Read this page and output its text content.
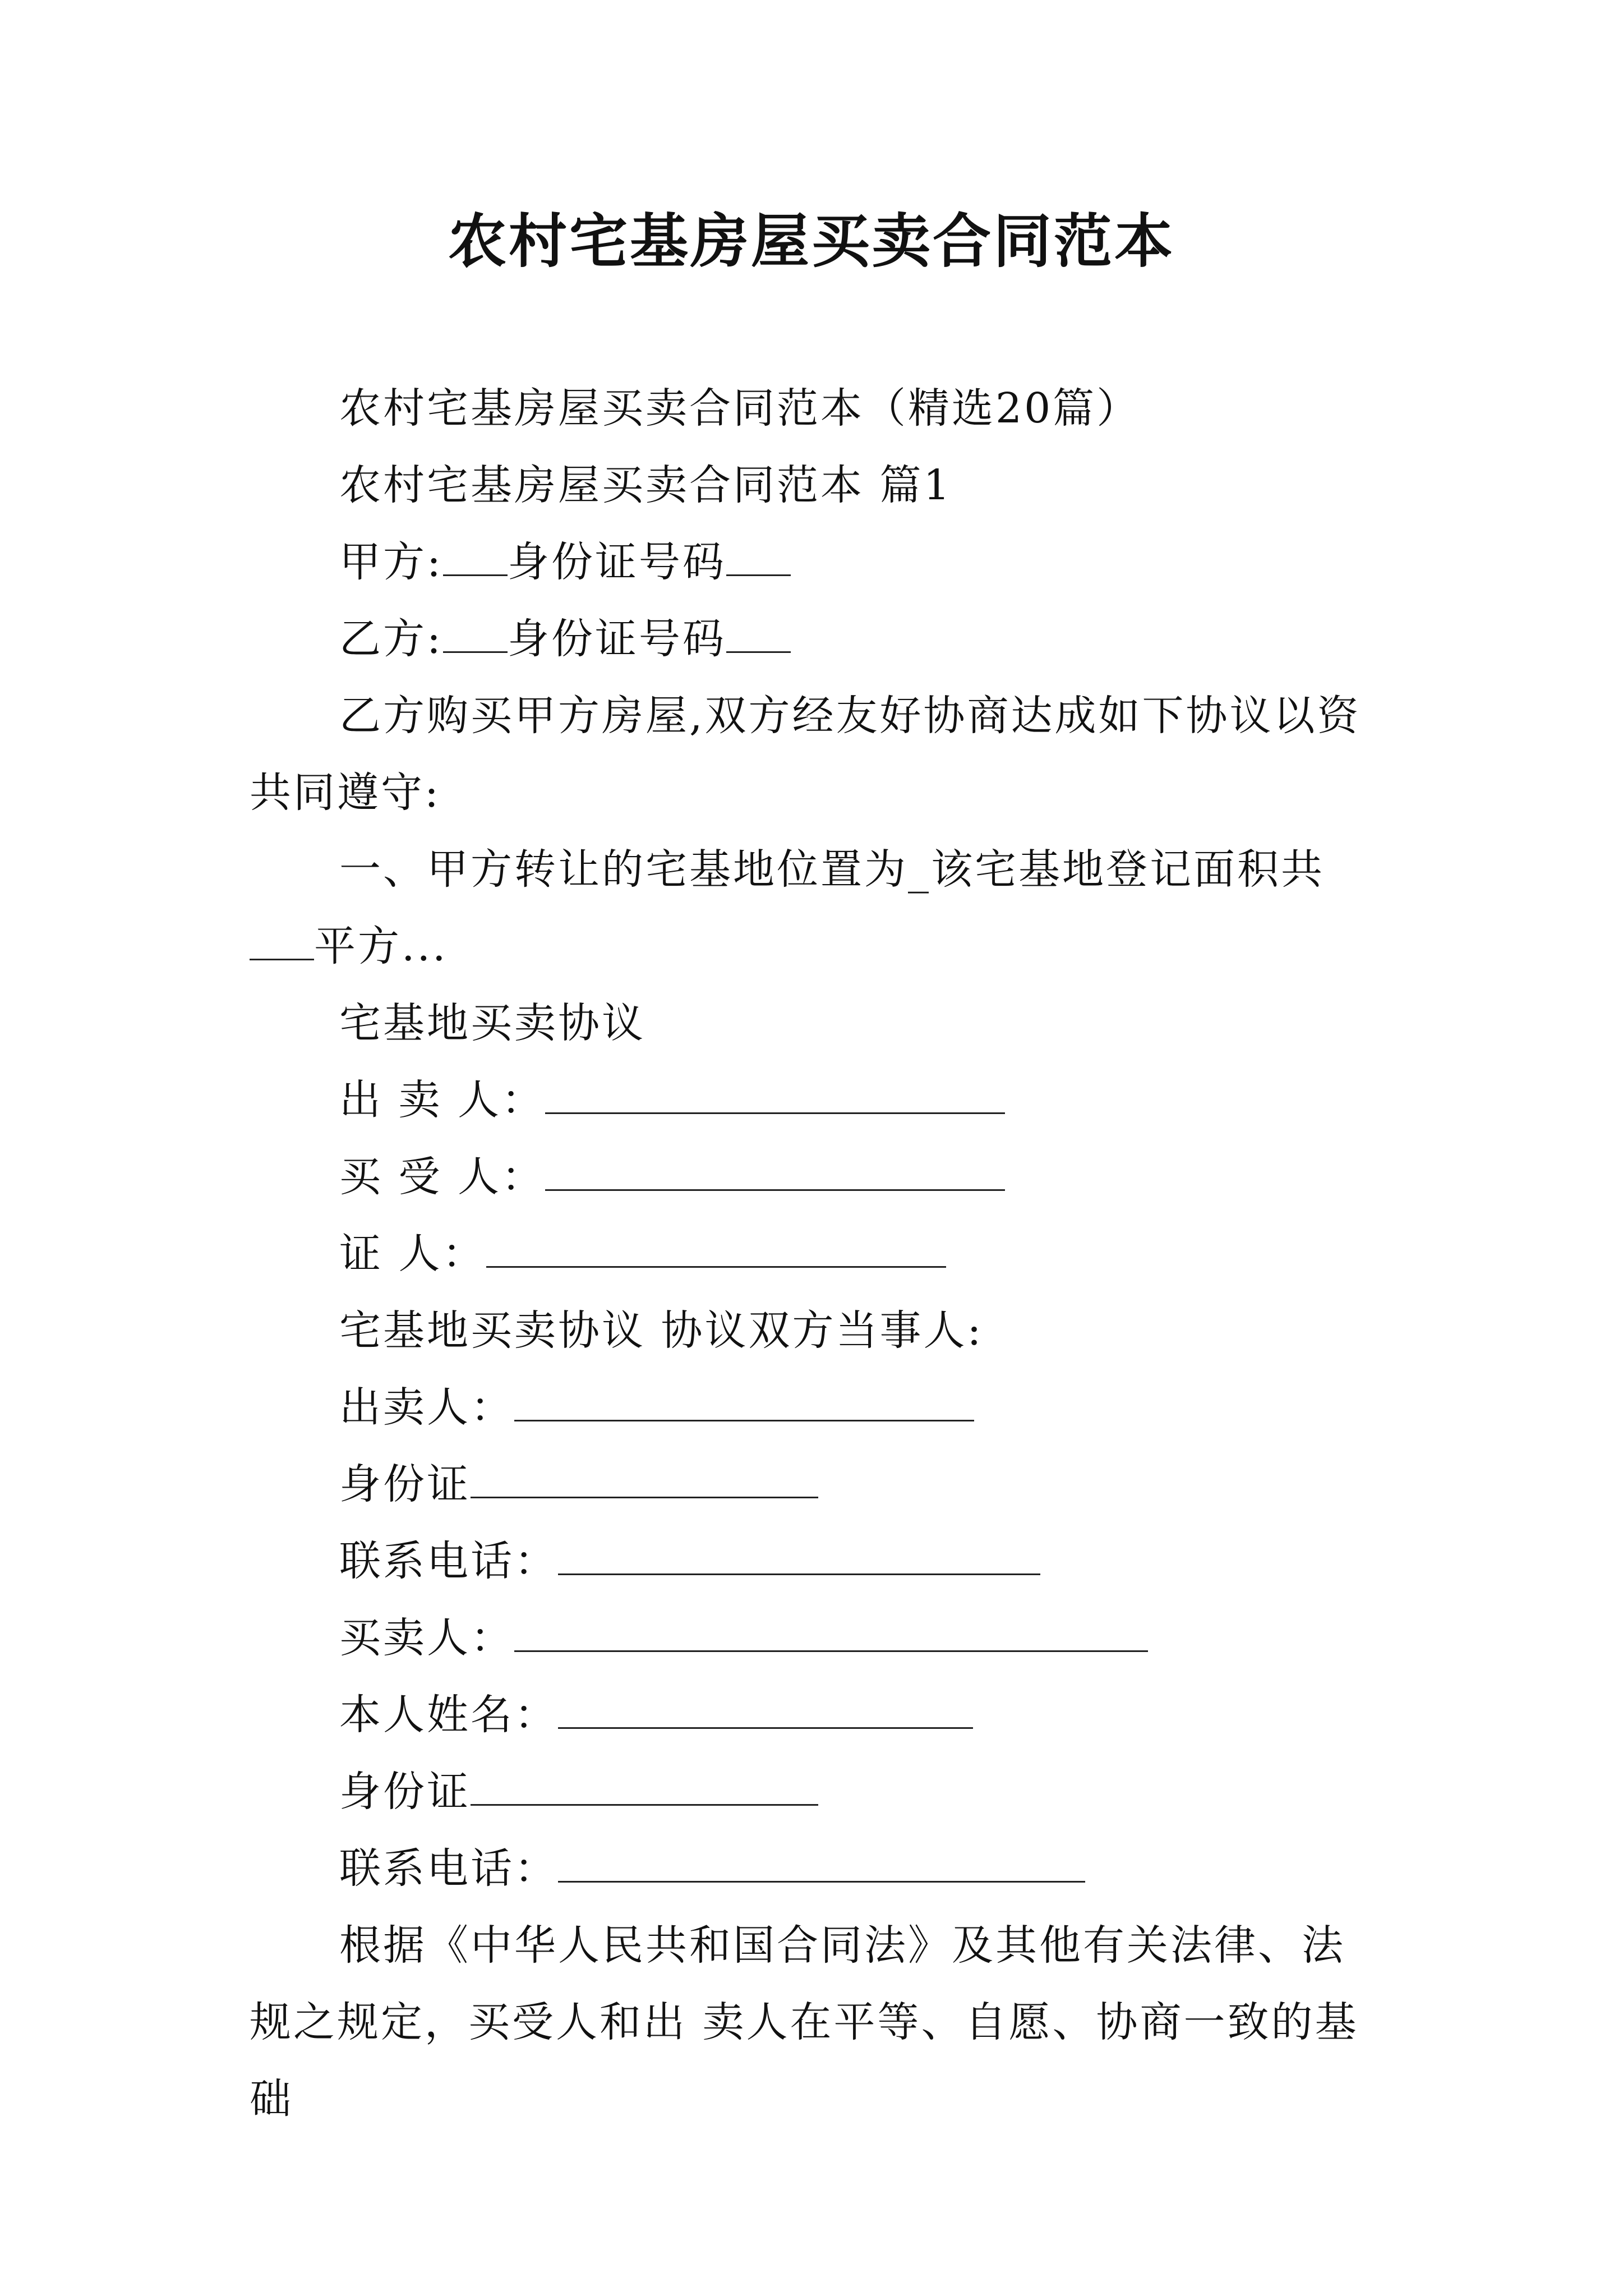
农村宅基房屋买卖合同范本

农村宅基房屋买卖合同范本（精选20篇）

农村宅基房屋买卖合同范本 篇1

甲方: 身份证号码

乙方: 身份证号码

乙方购买甲方房屋,双方经友好协商达成如下协议以资共同遵守:

一、甲方转让的宅基地位置为_该宅基地登记面积共平方...

宅基地买卖协议

出 卖 人：

买 受 人：

证 人：

宅基地买卖协议 协议双方当事人:

出卖人：

身份证

联系电话：

买卖人：

本人姓名：

身份证

联系电话：

根据《中华人民共和国合同法》及其他有关法律、法规之规定，买受人和出 卖人在平等、自愿、协商一致的基础
